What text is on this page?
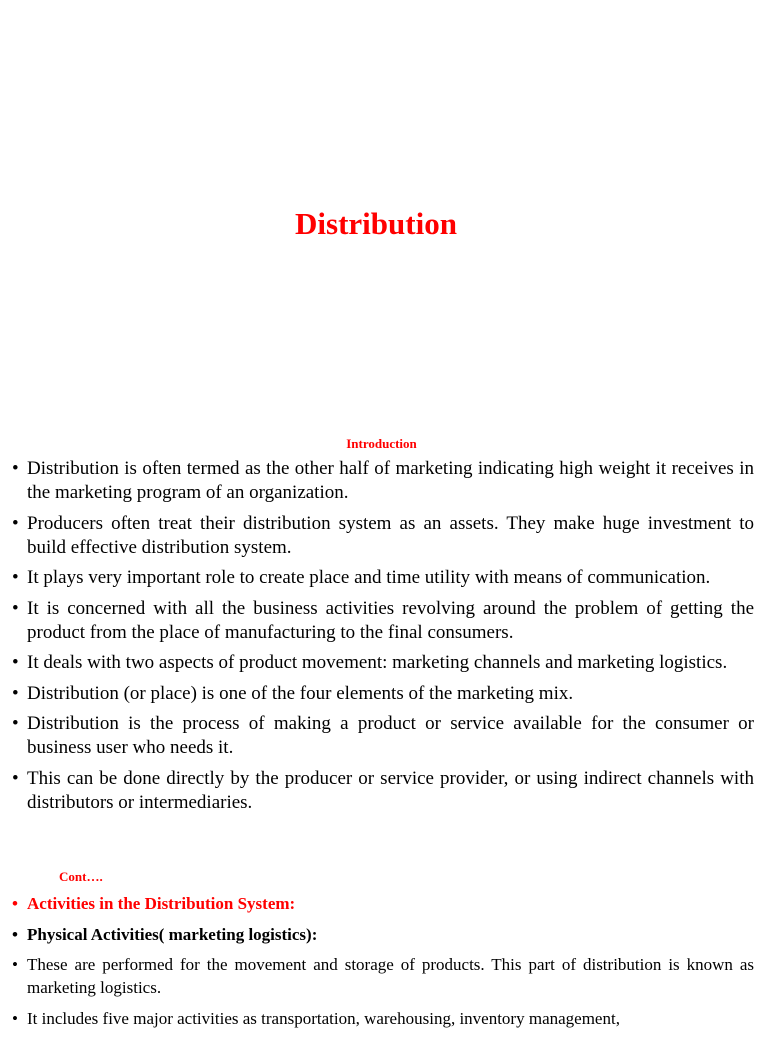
Distribution
Introduction
• Distribution is often termed as the other half of marketing indicating high weight it receives in the marketing program of an organization.
• Producers often treat their distribution system as an assets. They make huge investment to build effective distribution system.
• It plays very important role to create place and time utility with means of communication.
• It is concerned with all the business activities revolving around the problem of getting the product from the place of manufacturing to the final consumers.
• It deals with two aspects of product movement: marketing channels and marketing logistics.
• Distribution (or place) is one of the four elements of the marketing mix.
• Distribution is the process of making a product or service available for the consumer or business user who needs it.
• This can be done directly by the producer or service provider, or using indirect channels with distributors or intermediaries.
Cont….
• Activities in the Distribution System:
• Physical Activities( marketing logistics):
• These are performed for the movement and storage of products. This part of distribution is known as marketing logistics.
• It includes five major activities as transportation, warehousing, inventory management,
